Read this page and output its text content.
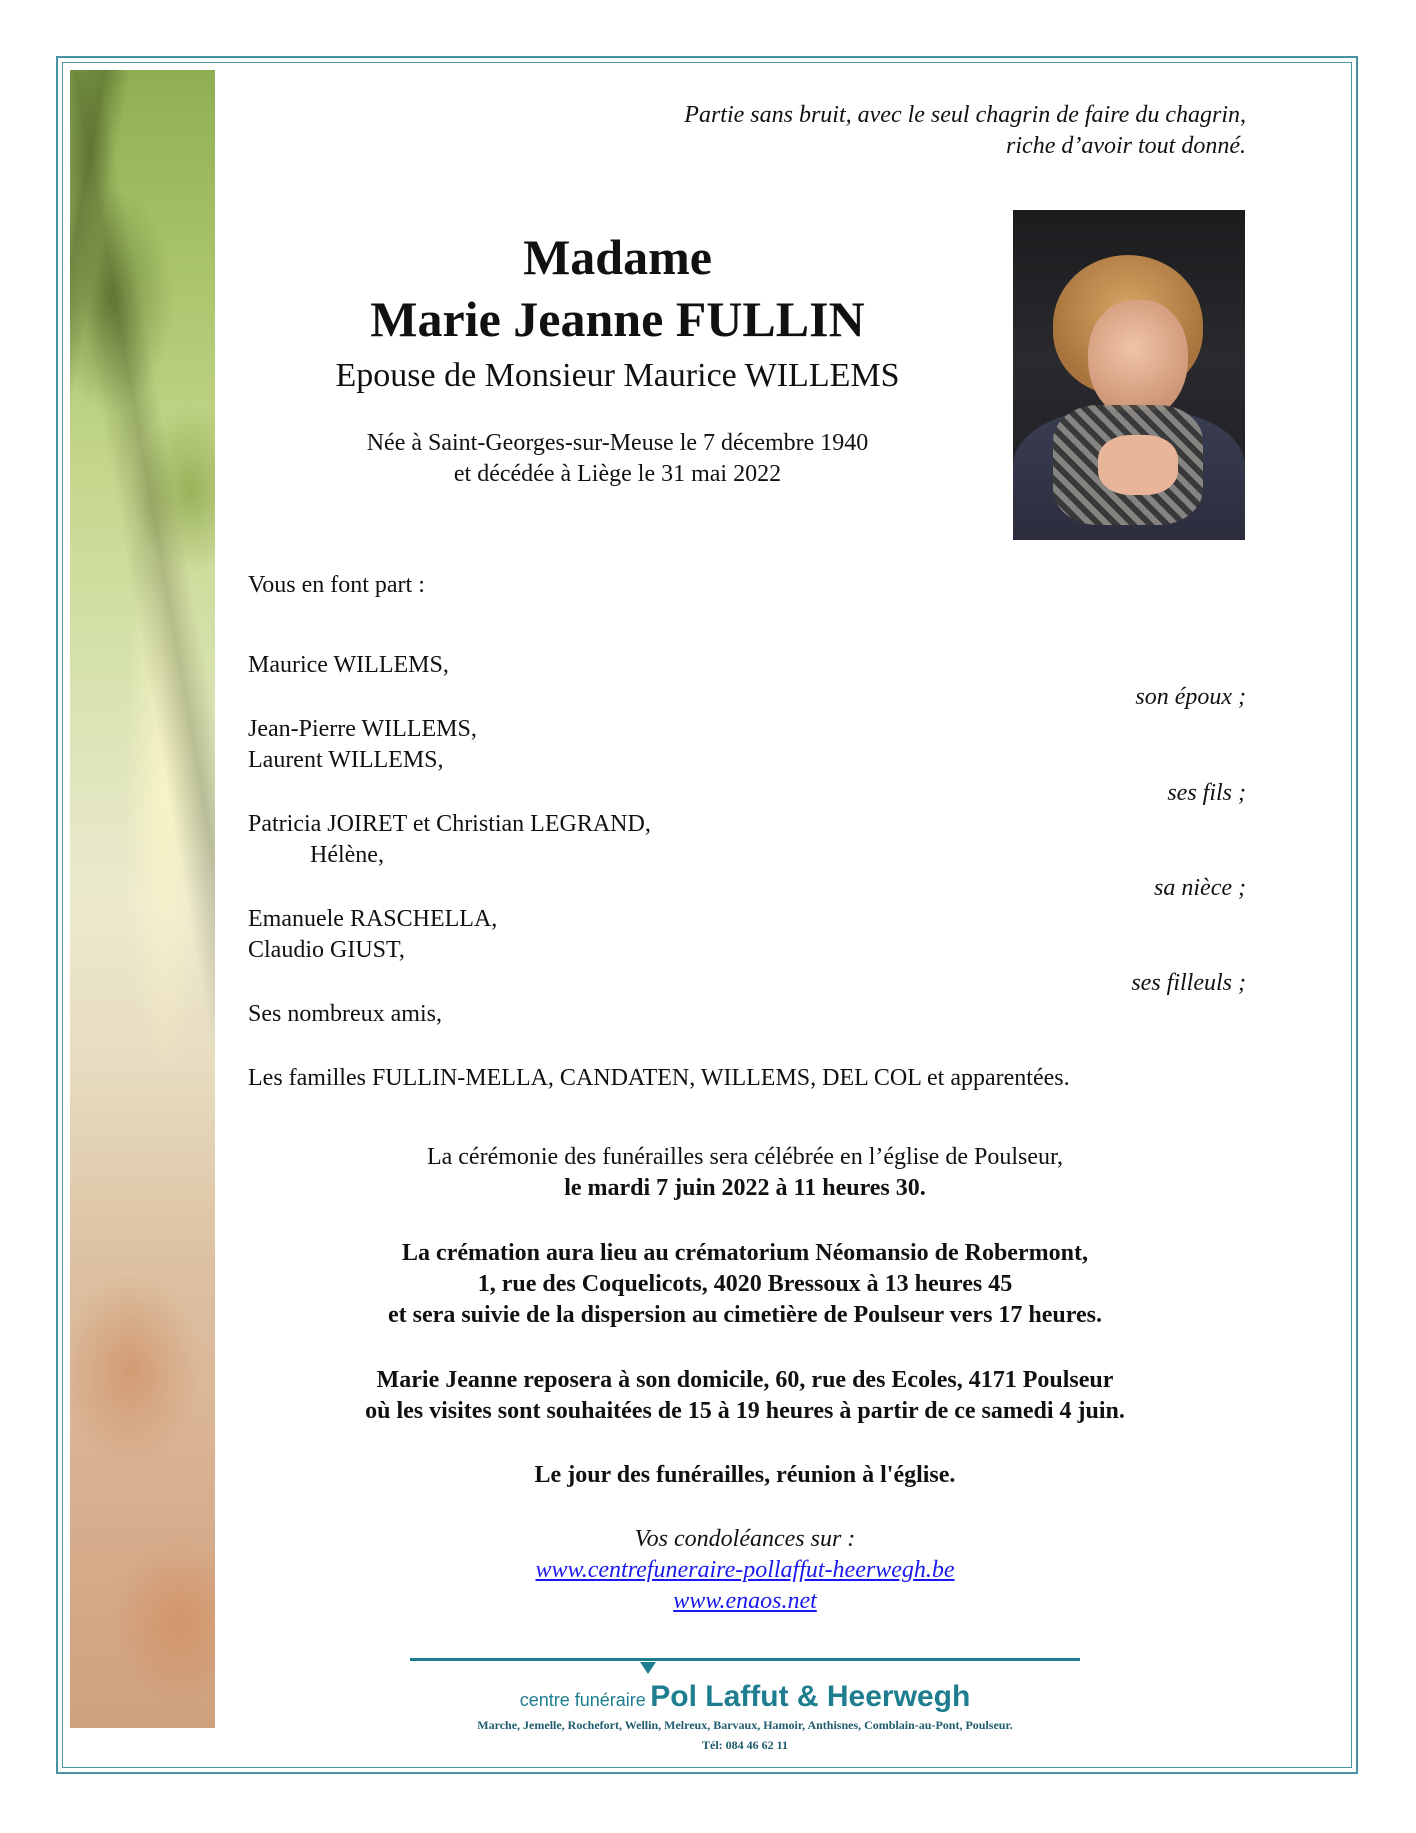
Partie sans bruit, avec le seul chagrin de faire du chagrin,
riche d’avoir tout donné.
Madame
Marie Jeanne FULLIN
Epouse de Monsieur Maurice WILLEMS
Née à Saint-Georges-sur-Meuse le 7 décembre 1940
et décédée à Liège le 31 mai 2022
Vous en font part :
Maurice WILLEMS,
son époux ;
Jean-Pierre WILLEMS,
Laurent WILLEMS,
ses fils ;
Patricia JOIRET et Christian LEGRAND,
Hélène,
sa nièce ;
Emanuele RASCHELLA,
Claudio GIUST,
ses filleuls ;
Ses nombreux amis,
Les familles FULLIN-MELLA, CANDATEN, WILLEMS, DEL COL et apparentées.
La cérémonie des funérailles sera célébrée en l’église de Poulseur,
le mardi 7 juin 2022 à 11 heures 30.
La crémation aura lieu au crématorium Néomansio de Robermont,
1, rue des Coquelicots, 4020 Bressoux à 13 heures 45
et sera suivie de la dispersion au cimetière de Poulseur vers 17 heures.
Marie Jeanne reposera à son domicile, 60, rue des Ecoles, 4171 Poulseur
où les visites sont souhaitées de 15 à 19 heures à partir de ce samedi 4 juin.
Le jour des funérailles, réunion à l'église.
Vos condoléances sur :
www.centrefuneraire-pollaffut-heerwegh.be
www.enaos.net
centre funéraire Pol Laffut & Heerwegh
Marche, Jemelle, Rochefort, Wellin, Melreux, Barvaux, Hamoir, Anthisnes, Comblain-au-Pont, Poulseur.
Tél: 084 46 62 11
